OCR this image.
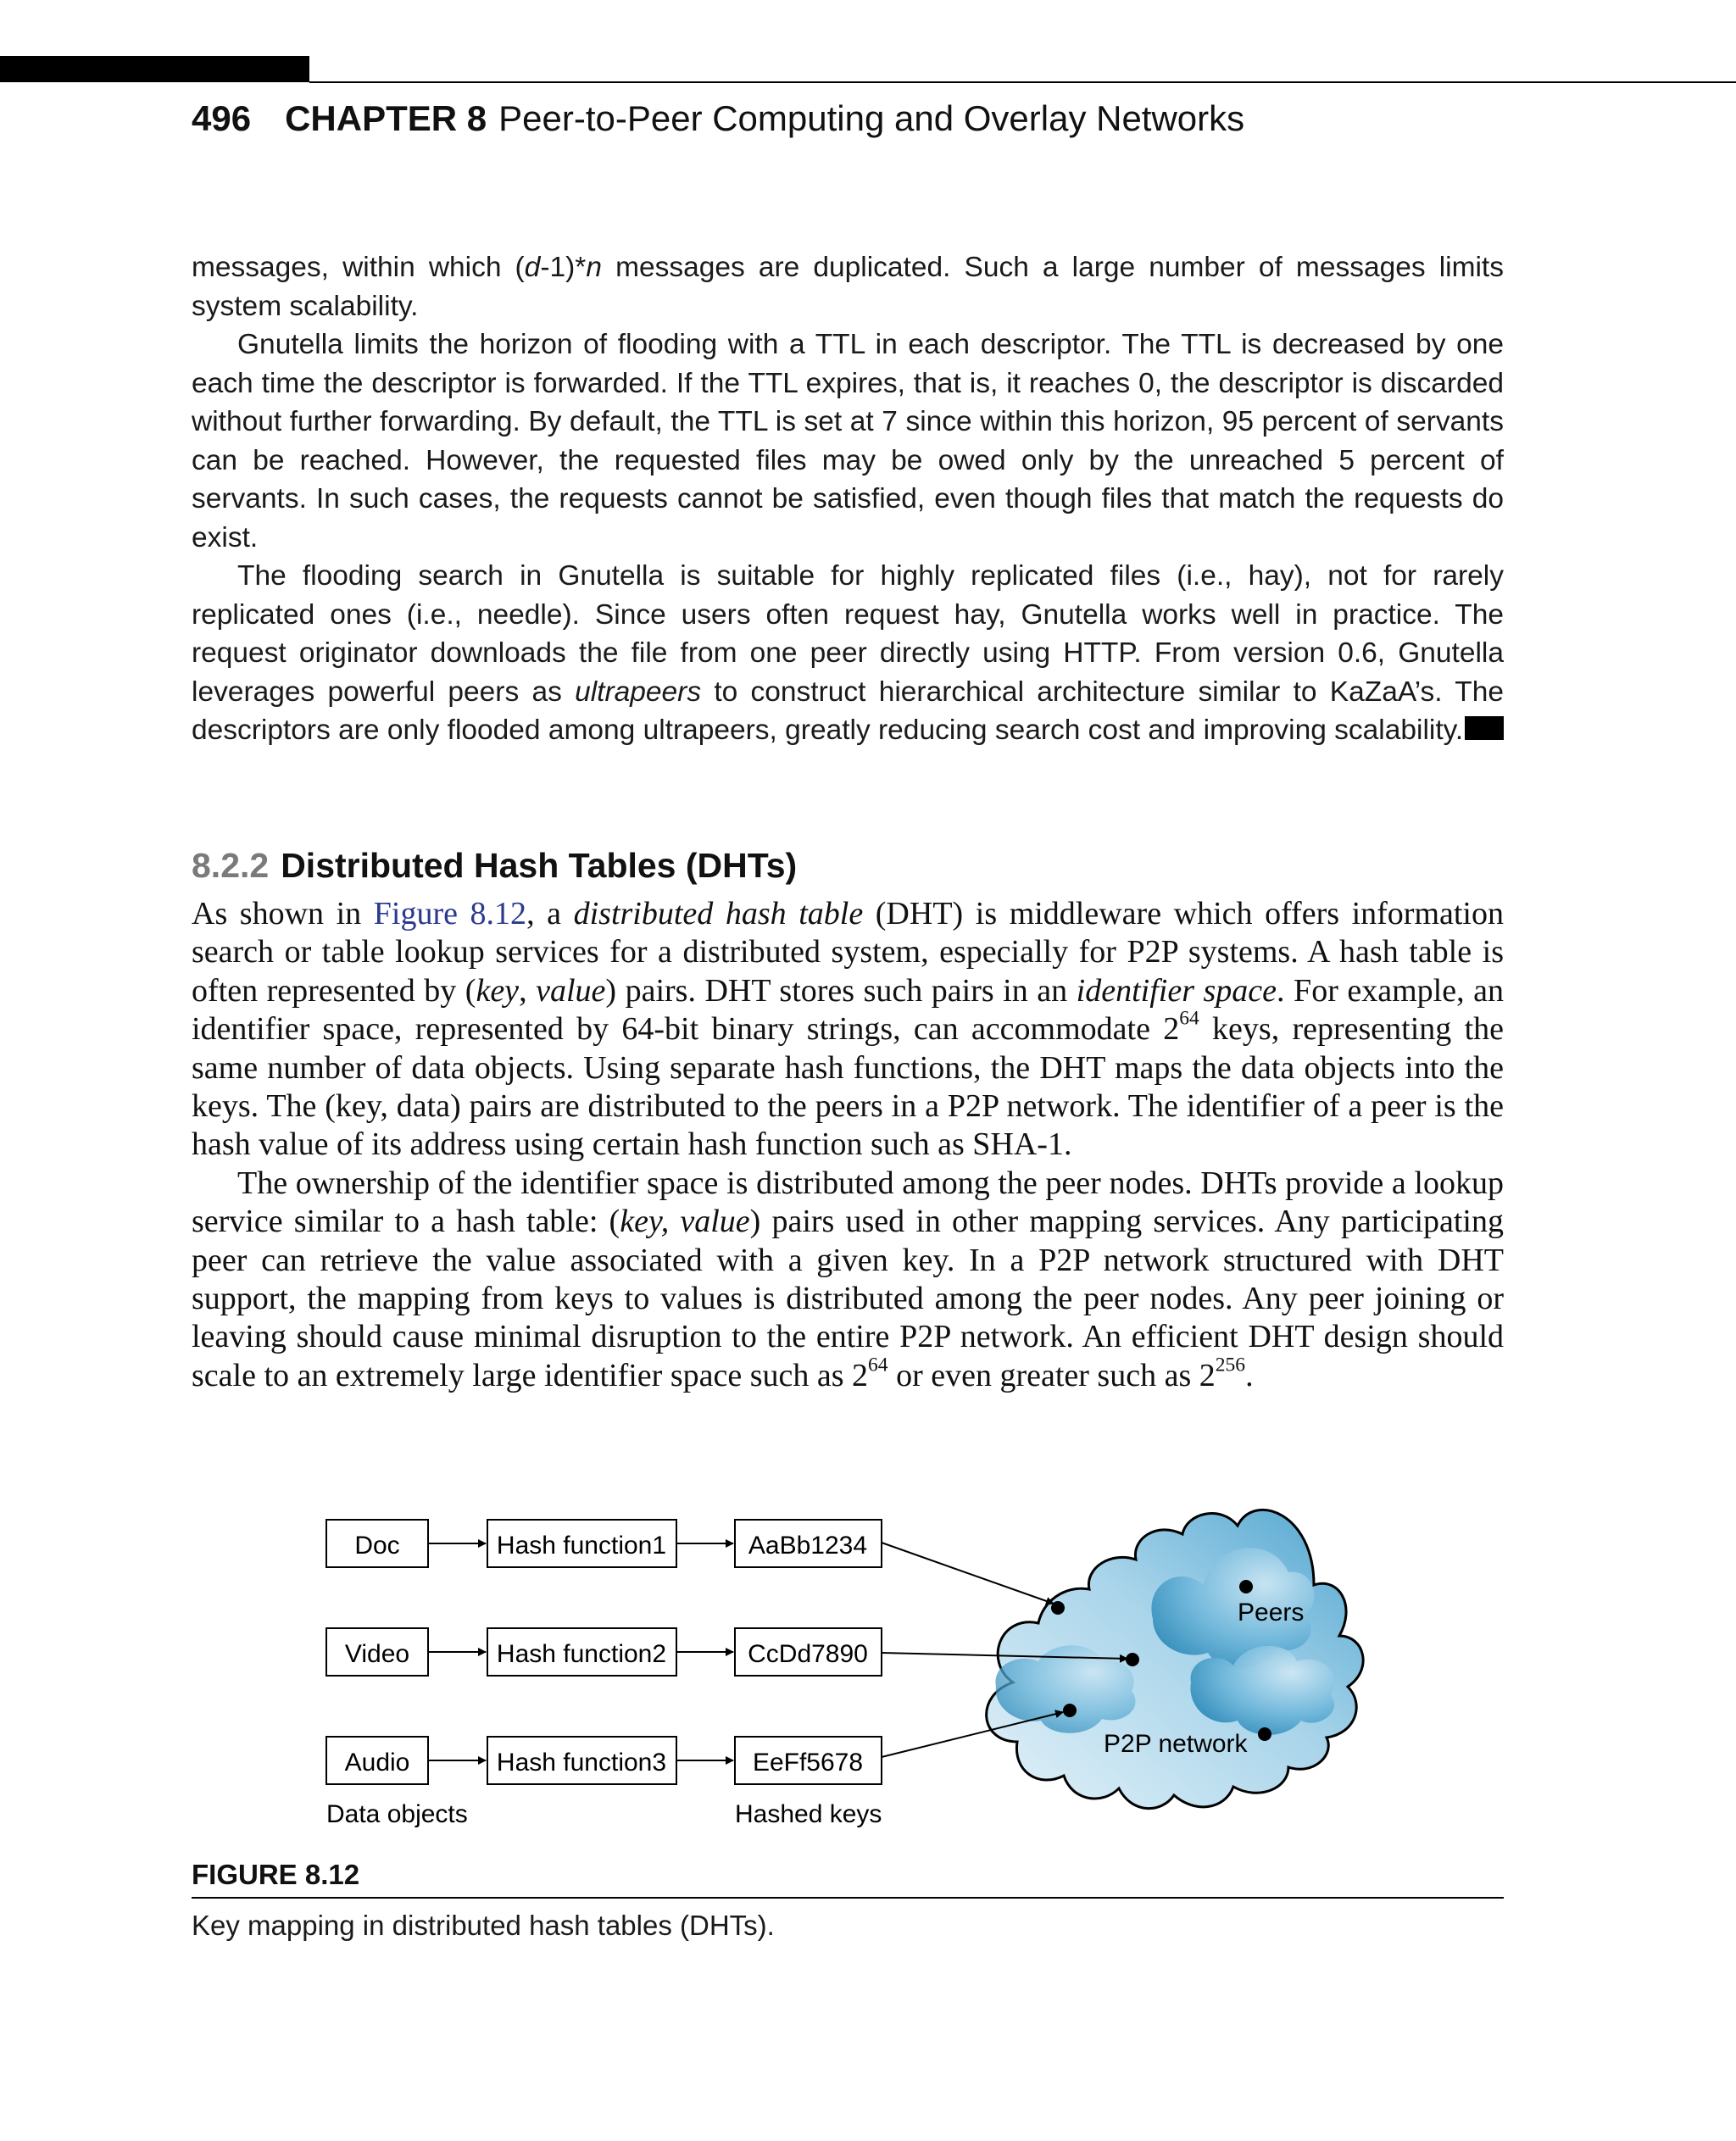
496 CHAPTER 8 Peer-to-Peer Computing and Overlay Networks

messages, within which (d-1)*n messages are duplicated. Such a large number of messages limits system scalability.

Gnutella limits the horizon of flooding with a TTL in each descriptor. The TTL is decreased by one each time the descriptor is forwarded. If the TTL expires, that is, it reaches 0, the descriptor is discarded without further forwarding. By default, the TTL is set at 7 since within this horizon, 95 percent of servants can be reached. However, the requested files may be owed only by the unreached 5 percent of servants. In such cases, the requests cannot be satisfied, even though files that match the requests do exist.

The flooding search in Gnutella is suitable for highly replicated files (i.e., hay), not for rarely replicated ones (i.e., needle). Since users often request hay, Gnutella works well in practice. The request originator downloads the file from one peer directly using HTTP. From version 0.6, Gnutella leverages powerful peers as ultrapeers to construct hierarchical architecture similar to KaZaA’s. The descriptors are only flooded among ultrapeers, greatly reducing search cost and improving scalability.

8.2.2 Distributed Hash Tables (DHTs)

As shown in Figure 8.12, a distributed hash table (DHT) is middleware which offers information search or table lookup services for a distributed system, especially for P2P systems. A hash table is often represented by (key, value) pairs. DHT stores such pairs in an identifier space. For example, an identifier space, represented by 64-bit binary strings, can accommodate $2^{64}$ keys, representing the same number of data objects. Using separate hash functions, the DHT maps the data objects into the keys. The (key, data) pairs are distributed to the peers in a P2P network. The identifier of a peer is the hash value of its address using certain hash function such as SHA-1.

The ownership of the identifier space is distributed among the peer nodes. DHTs provide a lookup service similar to a hash table: (key, value) pairs used in other mapping services. Any participating peer can retrieve the value associated with a given key. In a P2P network structured with DHT support, the mapping from keys to values is distributed among the peer nodes. Any peer joining or leaving should cause minimal disruption to the entire P2P network. An efficient DHT design should scale to an extremely large identifier space such as $2^{64}$ or even greater such as $2^{256}$.

Doc
Video
Audio
Hash function1
Hash function2
Hash function3
AaBb1234
CcDd7890
EeFf5678
Peers
P2P network
Data objects	Hashed keys
FIGURE 8.12
Key mapping in distributed hash tables (DHTs).
